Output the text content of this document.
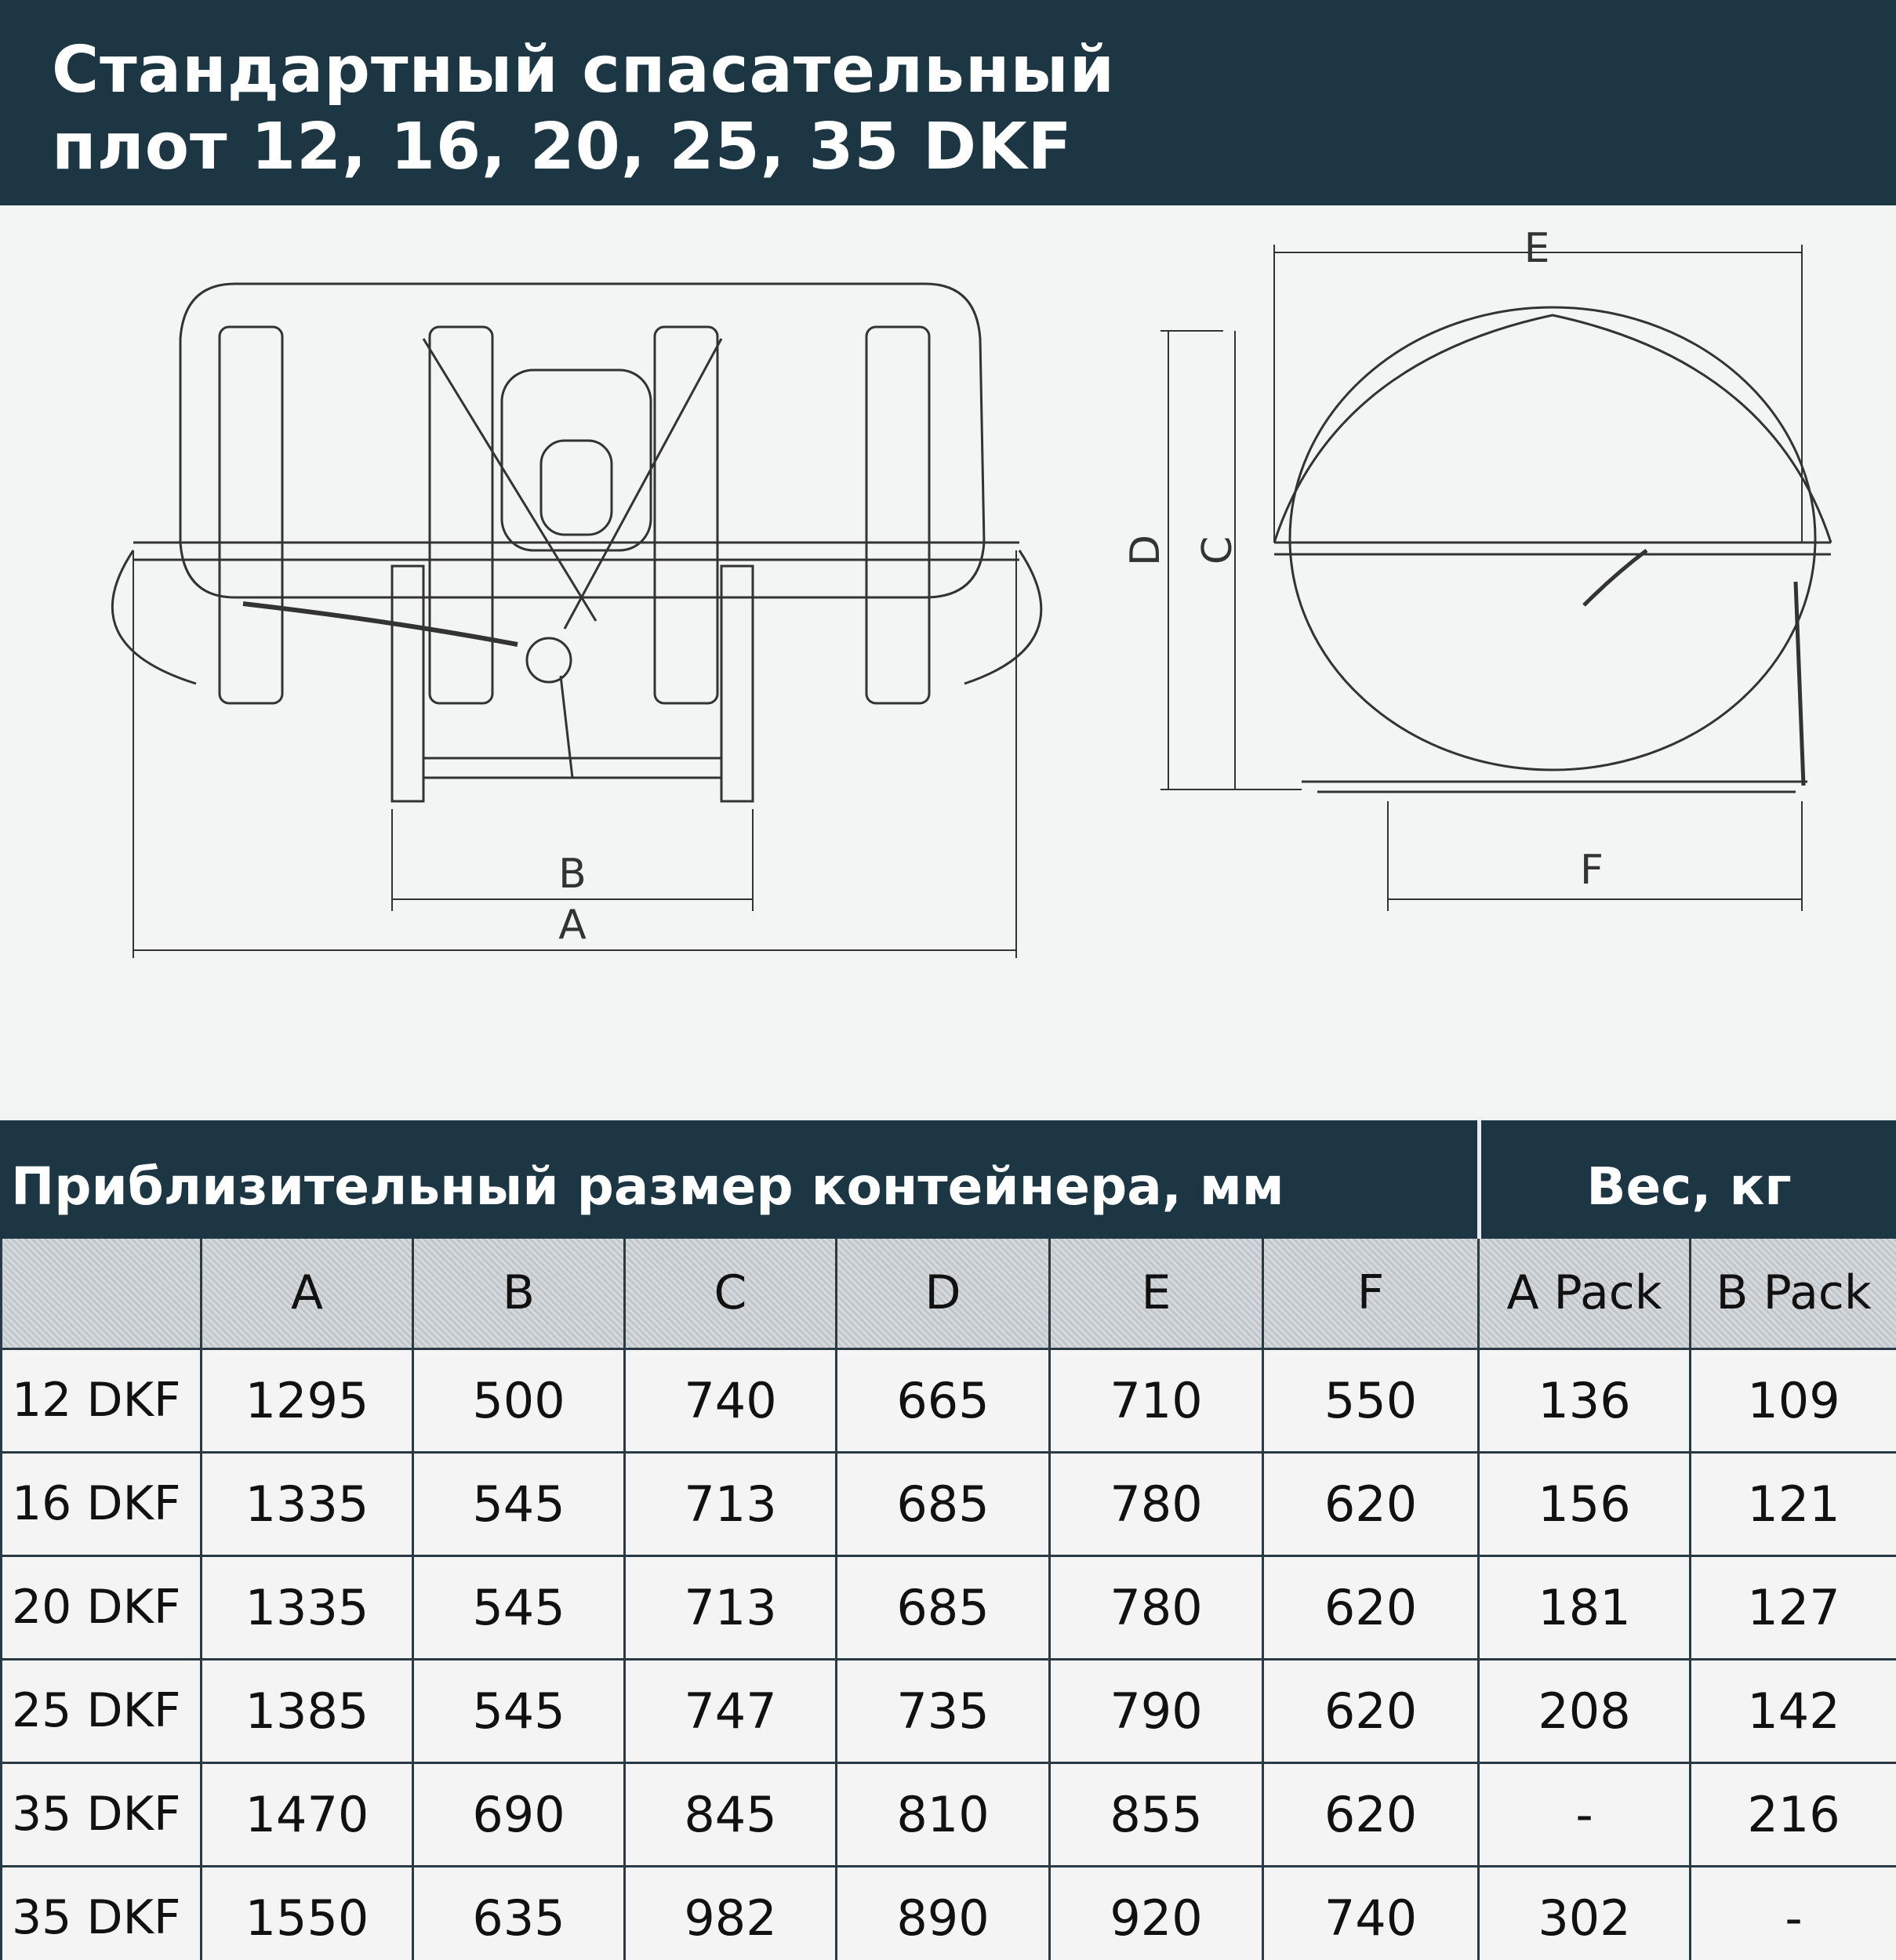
Стандартный спасательный
плот 12, 16, 20, 25, 35 DKF
B
A
E
D C
F
Приблизительный размер контейнера, мм	Вес, кг
	A	B	C	D	E	F	A Pack	B Pack
12 DKF	1295	500	740	665	710	550	136	109
16 DKF	1335	545	713	685	780	620	156	121
20 DKF	1335	545	713	685	780	620	181	127
25 DKF	1385	545	747	735	790	620	208	142
35 DKF	1470	690	845	810	855	620	-	216
35 DKF	1550	635	982	890	920	740	302	-
